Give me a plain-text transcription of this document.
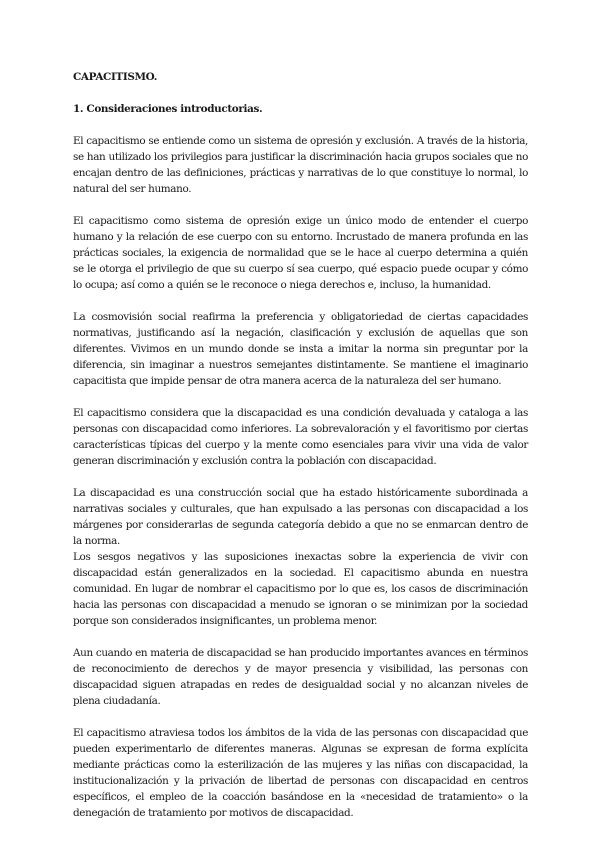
CAPACITISMO.
1. Consideraciones introductorias.

El capacitismo se entiende como un sistema de opresión y exclusión. A través de la historia, se han utilizado los privilegios para justificar la discriminación hacia grupos sociales que no encajan dentro de las definiciones, prácticas y narrativas de lo que constituye lo normal, lo natural del ser humano.

El capacitismo como sistema de opresión exige un único modo de entender el cuerpo humano y la relación de ese cuerpo con su entorno. Incrustado de manera profunda en las prácticas sociales, la exigencia de normalidad que se le hace al cuerpo determina a quién se le otorga el privilegio de que su cuerpo sí sea cuerpo, qué espacio puede ocupar y cómo lo ocupa; así como a quién se le reconoce o niega derechos e, incluso, la humanidad.

La cosmovisión social reafirma la preferencia y obligatoriedad de ciertas capacidades normativas, justificando así la negación, clasificación y exclusión de aquellas que son diferentes. Vivimos en un mundo donde se insta a imitar la norma sin preguntar por la diferencia, sin imaginar a nuestros semejantes distintamente. Se mantiene el imaginario capacitista que impide pensar de otra manera acerca de la naturaleza del ser humano.

El capacitismo considera que la discapacidad es una condición devaluada y cataloga a las personas con discapacidad como inferiores. La sobrevaloración y el favoritismo por ciertas características típicas del cuerpo y la mente como esenciales para vivir una vida de valor generan discriminación y exclusión contra la población con discapacidad.

La discapacidad es una construcción social que ha estado históricamente subordinada a narrativas sociales y culturales, que han expulsado a las personas con discapacidad a los márgenes por considerarlas de segunda categoría debido a que no se enmarcan dentro de la norma.

Los sesgos negativos y las suposiciones inexactas sobre la experiencia de vivir con discapacidad están generalizados en la sociedad. El capacitismo abunda en nuestra comunidad. En lugar de nombrar el capacitismo por lo que es, los casos de discriminación hacia las personas con discapacidad a menudo se ignoran o se minimizan por la sociedad porque son considerados insignificantes, un problema menor.

Aun cuando en materia de discapacidad se han producido importantes avances en términos de reconocimiento de derechos y de mayor presencia y visibilidad, las personas con discapacidad siguen atrapadas en redes de desigualdad social y no alcanzan niveles de plena ciudadanía.

El capacitismo atraviesa todos los ámbitos de la vida de las personas con discapacidad que pueden experimentarlo de diferentes maneras. Algunas se expresan de forma explícita mediante prácticas como la esterilización de las mujeres y las niñas con discapacidad, la institucionalización y la privación de libertad de personas con discapacidad en centros específicos, el empleo de la coacción basándose en la «necesidad de tratamiento» o la denegación de tratamiento por motivos de discapacidad.
